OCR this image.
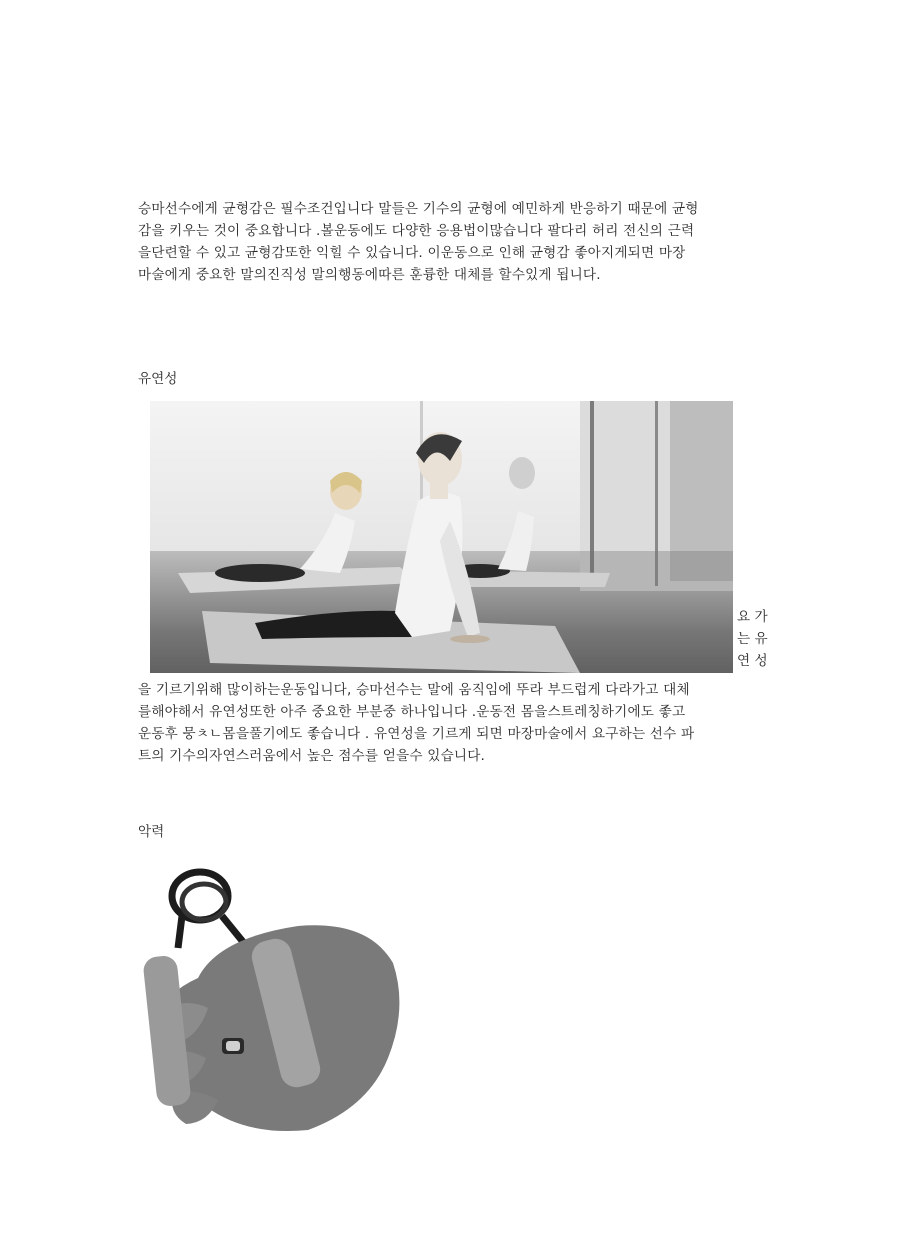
승마선수에게 균형감은 필수조건입니다 말들은 기수의 균형에 예민하게 반응하기 때문에 균형
감을 키우는 것이 중요합니다 .볼운동에도 다양한 응용법이많습니다 팔다리 허리 전신의 근력
을단련할 수 있고 균형감또한 익힐 수 있습니다. 이운동으로 인해 균형감 좋아지게되면 마장
마술에게 중요한 말의진직성 말의행동에따른 훈륭한 대체를 할수있게 됩니다.
유연성
요 가
는 유
연 성
을 기르기위해 많이하는운동입니다, 승마선수는 말에 움직임에 뚜라 부드럽게 다라가고 대체
를해야해서 유연성또한 아주 중요한 부분중 하나입니다 .운동전 몸을스트레칭하기에도 좋고
운동후 뭉ㅊㄴ몸을풀기에도 좋습니다 . 유연성을 기르게 되면 마장마술에서 요구하는 선수 파
트의 기수의자연스러움에서 높은 점수를 얻을수 있습니다.
악력
